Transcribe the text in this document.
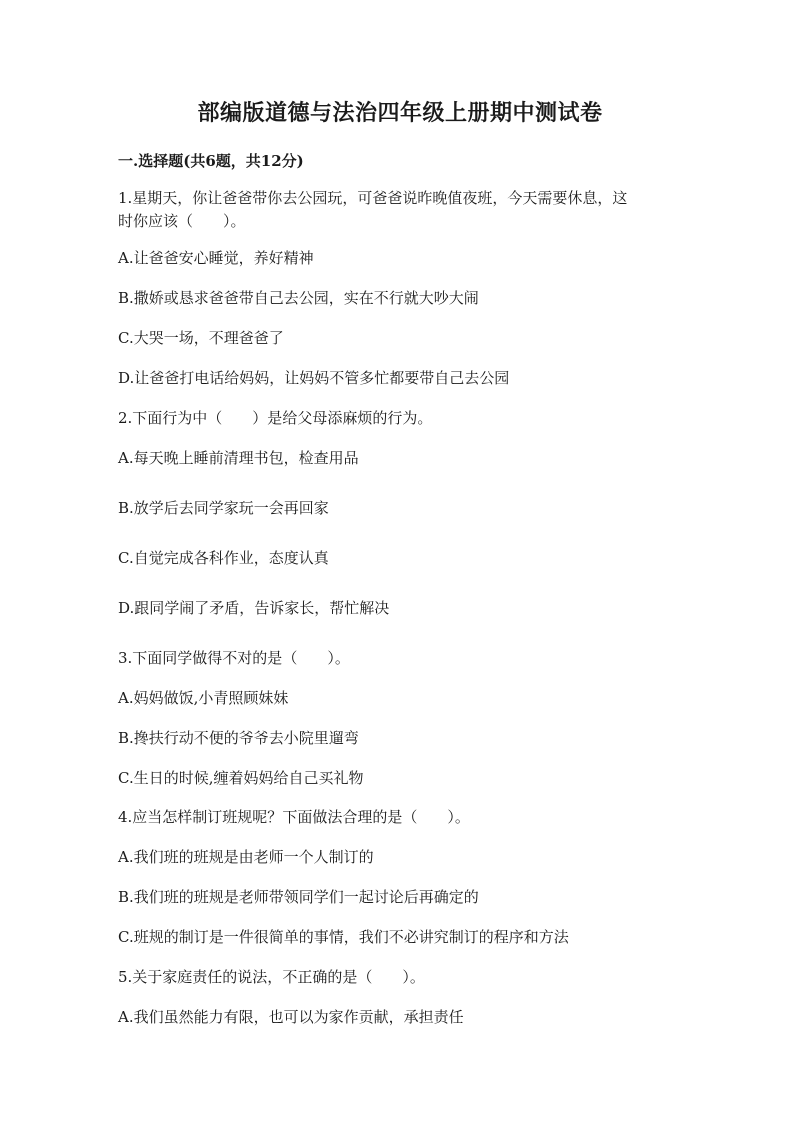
部编版道德与法治四年级上册期中测试卷
一.选择题(共6题，共12分)
1.星期天，你让爸爸带你去公园玩，可爸爸说昨晚值夜班，今天需要休息，这
时你应该（　　）。
A.让爸爸安心睡觉，养好精神
B.撒娇或恳求爸爸带自己去公园，实在不行就大吵大闹
C.大哭一场，不理爸爸了
D.让爸爸打电话给妈妈，让妈妈不管多忙都要带自己去公园
2.下面行为中（　　）是给父母添麻烦的行为。
A.每天晚上睡前清理书包，检查用品
B.放学后去同学家玩一会再回家
C.自觉完成各科作业，态度认真
D.跟同学闹了矛盾，告诉家长，帮忙解决
3.下面同学做得不对的是（　　）。
A.妈妈做饭,小青照顾妹妹
B.搀扶行动不便的爷爷去小院里遛弯
C.生日的时候,缠着妈妈给自己买礼物
4.应当怎样制订班规呢？下面做法合理的是（　　）。
A.我们班的班规是由老师一个人制订的
B.我们班的班规是老师带领同学们一起讨论后再确定的
C.班规的制订是一件很简单的事情，我们不必讲究制订的程序和方法
5.关于家庭责任的说法，不正确的是（　　）。
A.我们虽然能力有限，也可以为家作贡献，承担责任
